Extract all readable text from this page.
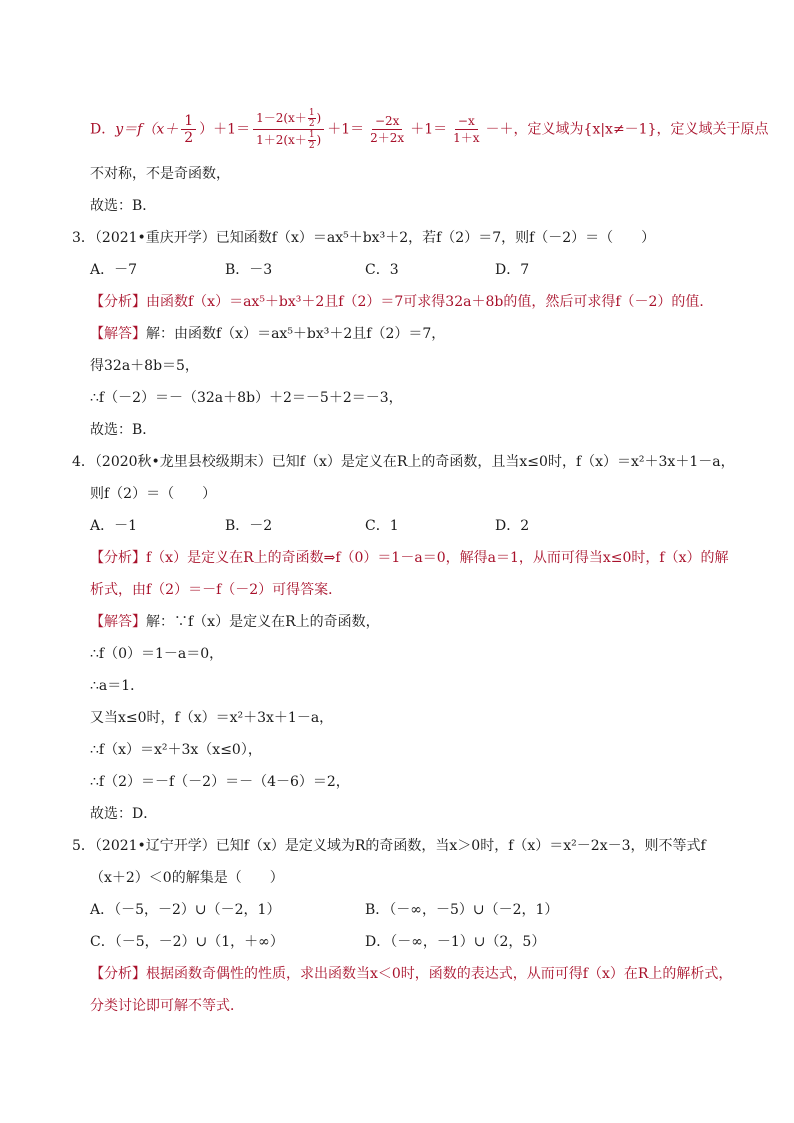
D．$y=f(x+ \frac{1}{2} )+1= \frac{1-2(x+ \frac{1}{2} )}{1+2(x+ \frac{1}{2} )} +1= \frac{-2x}{2+2x} +1= \frac{-x}{1+x}$ －＋，定义域为{x|x≠－1}，定义域关于原点
不对称，不是奇函数，
故选：B．
3．（2021•重庆开学）已知函数f（x）＝ax⁵＋bx³＋2，若f（2）＝7，则f（－2）＝（　　）
A．－7	B．－3	C．3	D．7
【分析】由函数f（x）＝ax⁵＋bx³＋2且f（2）＝7可求得32a＋8b的值，然后可求得f（－2）的值．
【解答】解：由函数f（x）＝ax⁵＋bx³＋2且f（2）＝7，
得32a＋8b＝5，
∴f（－2）＝－（32a＋8b）＋2＝－5＋2＝－3，
故选：B．
4．（2020秋•龙里县校级期末）已知f（x）是定义在R上的奇函数，且当x≤0时，f（x）＝x²＋3x＋1－a，
则f（2）＝（　　）
A．－1	B．－2	C．1	D．2
【分析】f（x）是定义在R上的奇函数⇒f（0）＝1－a＝0，解得a＝1，从而可得当x≤0时，f（x）的解
析式，由f（2）＝－f（－2）可得答案．
【解答】解：∵f（x）是定义在R上的奇函数，
∴f（0）＝1－a＝0，
∴a＝1．
又当x≤0时，f（x）＝x²＋3x＋1－a，
∴f（x）＝x²＋3x（x≤0），
∴f（2）＝－f（－2）＝－（4－6）＝2，
故选：D．
5．（2021•辽宁开学）已知f（x）是定义域为R的奇函数，当x＞0时，f（x）＝x²－2x－3，则不等式f
（x＋2）＜0的解集是（　　）
A．（－5，－2）∪（－2，1）	B．（－∞，－5）∪（－2，1）
C．（－5，－2）∪（1，＋∞）	D．（－∞，－1）∪（2，5）
【分析】根据函数奇偶性的性质，求出函数当x＜0时，函数的表达式，从而可得f（x）在R上的解析式，
分类讨论即可解不等式．
